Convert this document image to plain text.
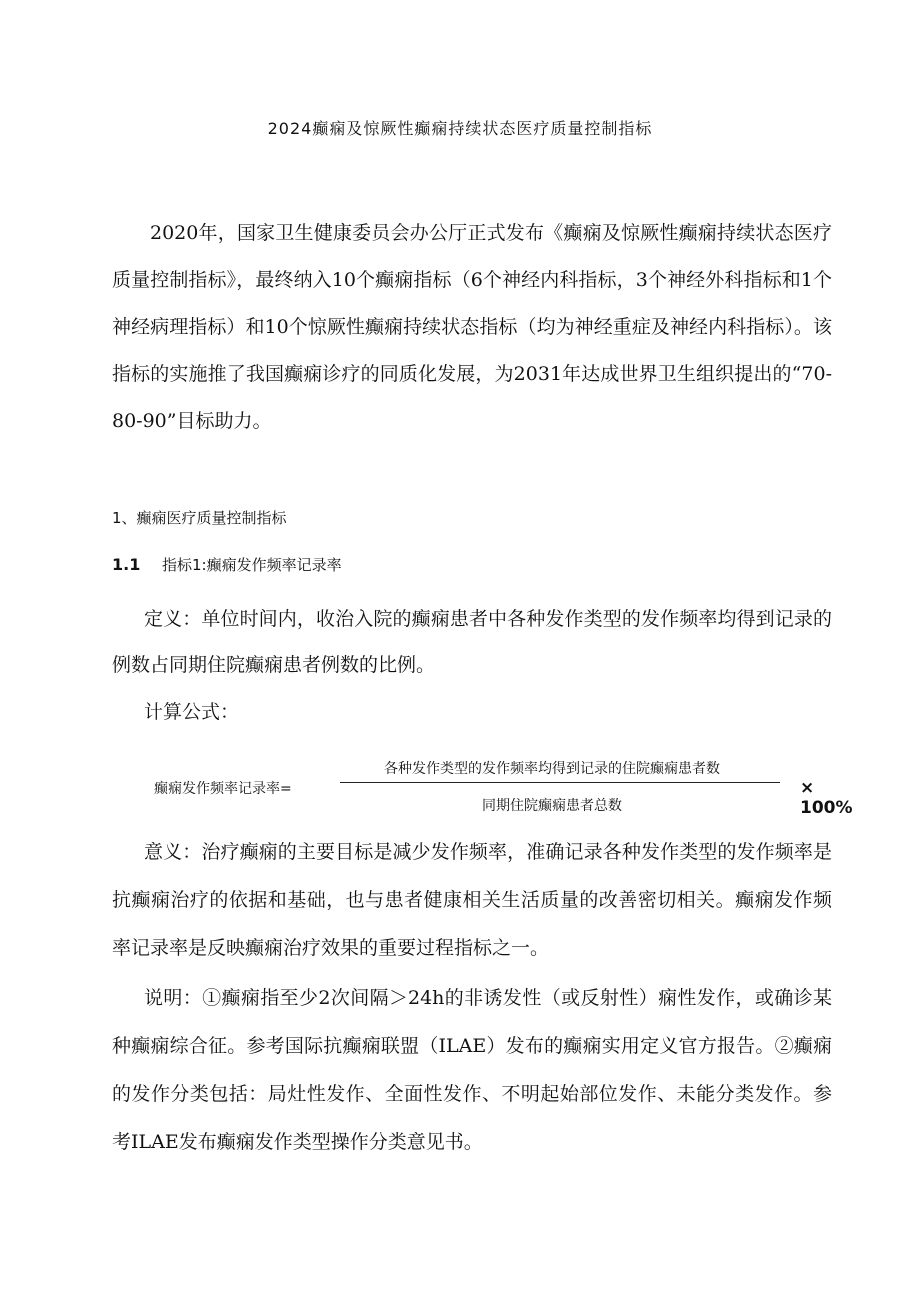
2024癫痫及惊厥性癫痫持续状态医疗质量控制指标

2020年，国家卫生健康委员会办公厅正式发布《癫痫及惊厥性癫痫持续状态医疗质量控制指标》，最终纳入10个癫痫指标（6个神经内科指标，3个神经外科指标和1个神经病理指标）和10个惊厥性癫痫持续状态指标（均为神经重症及神经内科指标）。该指标的实施推了我国癫痫诊疗的同质化发展，为2031年达成世界卫生组织提出的“70-80-90”目标助力。

1、癫痫医疗质量控制指标
1.1 指标1:癫痫发作频率记录率

定义：单位时间内，收治入院的癫痫患者中各种发作类型的发作频率均得到记录的例数占同期住院癫痫患者例数的比例。

计算公式：

癫痫发作频率记录率=
各种发作类型的发作频率均得到记录的住院癫痫患者数
同期住院癫痫患者总数
× 100%

意义：治疗癫痫的主要目标是减少发作频率，准确记录各种发作类型的发作频率是抗癫痫治疗的依据和基础，也与患者健康相关生活质量的改善密切相关。癫痫发作频率记录率是反映癫痫治疗效果的重要过程指标之一。

说明：①癫痫指至少2次间隔＞24h的非诱发性（或反射性）痫性发作，或确诊某种癫痫综合征。参考国际抗癫痫联盟（ILAE）发布的癫痫实用定义官方报告。②癫痫的发作分类包括：局灶性发作、全面性发作、不明起始部位发作、未能分类发作。参考ILAE发布癫痫发作类型操作分类意见书。
